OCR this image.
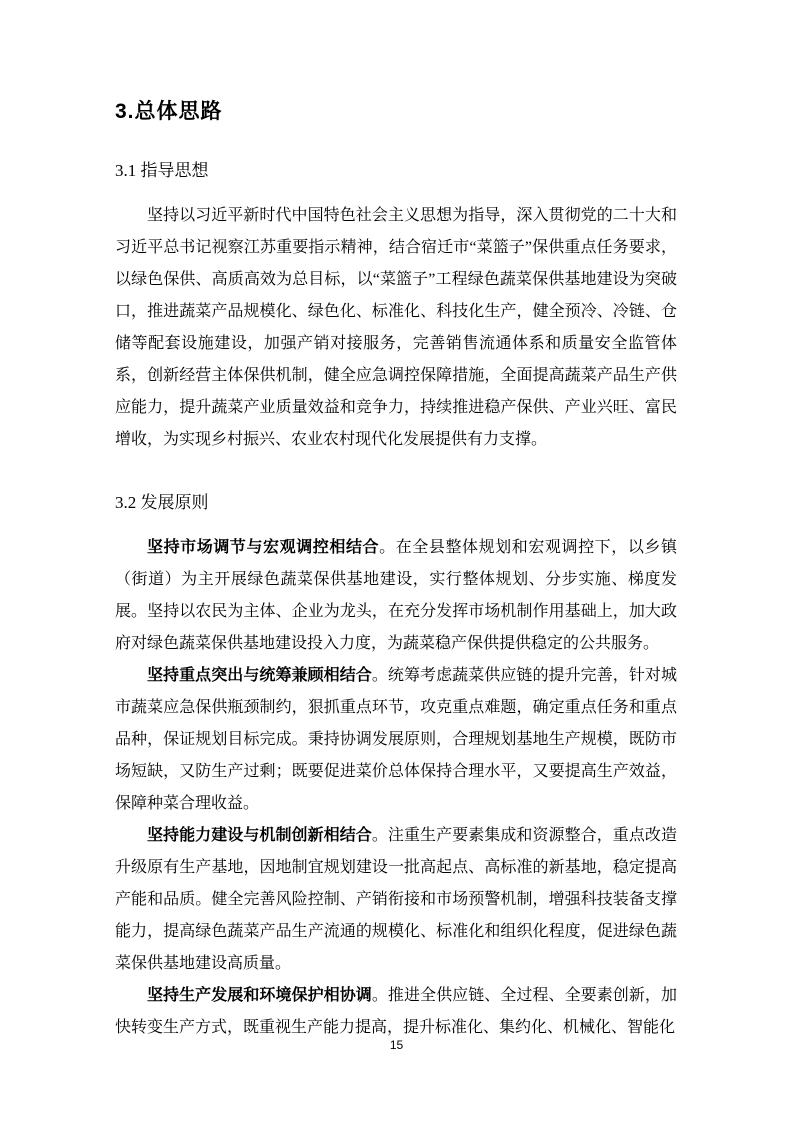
3.总体思路
3.1 指导思想

坚持以习近平新时代中国特色社会主义思想为指导，深入贯彻党的二十大和习近平总书记视察江苏重要指示精神，结合宿迁市“菜篮子”保供重点任务要求，以绿色保供、高质高效为总目标，以“菜篮子”工程绿色蔬菜保供基地建设为突破口，推进蔬菜产品规模化、绿色化、标准化、科技化生产，健全预冷、冷链、仓储等配套设施建设，加强产销对接服务，完善销售流通体系和质量安全监管体系，创新经营主体保供机制，健全应急调控保障措施，全面提高蔬菜产品生产供应能力，提升蔬菜产业质量效益和竞争力，持续推进稳产保供、产业兴旺、富民增收，为实现乡村振兴、农业农村现代化发展提供有力支撑。

3.2 发展原则

坚持市场调节与宏观调控相结合。在全县整体规划和宏观调控下，以乡镇（街道）为主开展绿色蔬菜保供基地建设，实行整体规划、分步实施、梯度发展。坚持以农民为主体、企业为龙头，在充分发挥市场机制作用基础上，加大政府对绿色蔬菜保供基地建设投入力度，为蔬菜稳产保供提供稳定的公共服务。

坚持重点突出与统筹兼顾相结合。统筹考虑蔬菜供应链的提升完善，针对城市蔬菜应急保供瓶颈制约，狠抓重点环节，攻克重点难题，确定重点任务和重点品种，保证规划目标完成。秉持协调发展原则，合理规划基地生产规模，既防市场短缺，又防生产过剩；既要促进菜价总体保持合理水平，又要提高生产效益，保障种菜合理收益。

坚持能力建设与机制创新相结合。注重生产要素集成和资源整合，重点改造升级原有生产基地，因地制宜规划建设一批高起点、高标准的新基地，稳定提高产能和品质。健全完善风险控制、产销衔接和市场预警机制，增强科技装备支撑能力，提高绿色蔬菜产品生产流通的规模化、标准化和组织化程度，促进绿色蔬菜保供基地建设高质量。

坚持生产发展和环境保护相协调。推进全供应链、全过程、全要素创新，加快转变生产方式，既重视生产能力提高，提升标准化、集约化、机械化、智能化

15
